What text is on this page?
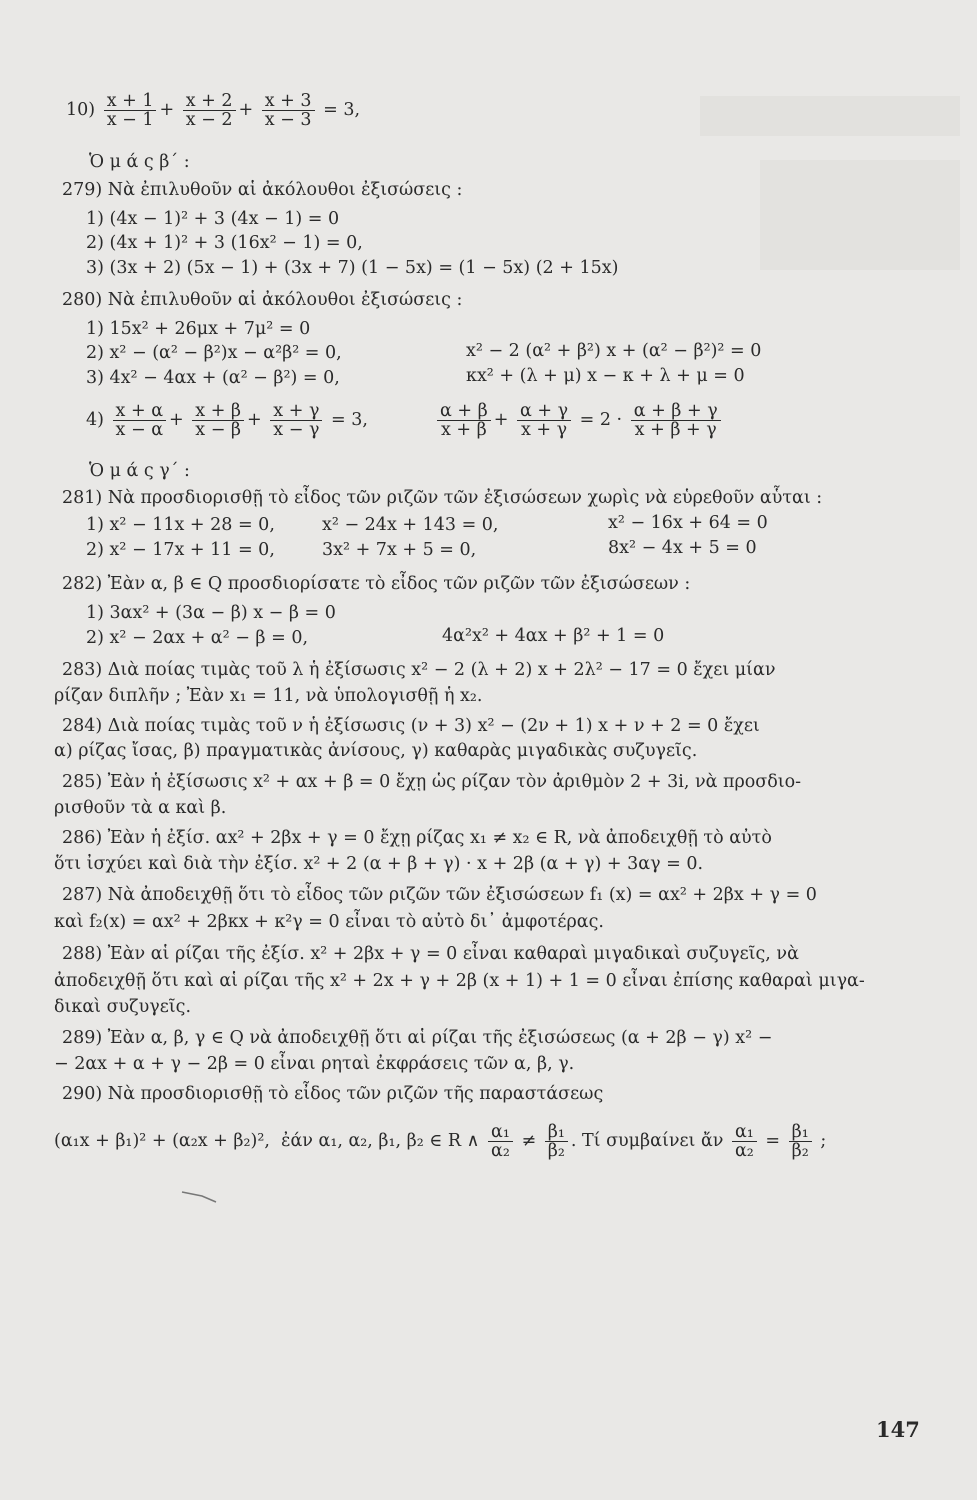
$10) \frac{x + 1}{x - 1} + \frac{x + 2}{x - 2} + \frac{x + 3}{x - 3} = 3$,
Ὁ μ ά ς β΄ :
279) Νὰ ἐπιλυθοῦν αἱ ἀκόλουθοι ἐξισώσεις :
1) (4x − 1)² + 3 (4x − 1) = 0
2) (4x + 1)² + 3 (16x² − 1) = 0,
3) (3x + 2) (5x − 1) + (3x + 7) (1 − 5x) = (1 − 5x) (2 + 15x)
280) Νὰ ἐπιλυθοῦν αἱ ἀκόλουθοι ἐξισώσεις :
1) 15x² + 26μx + 7μ² = 0
2) x² − (α² − β²)x − α²β² = 0,	x² − 2 (α² + β²) x + (α² − β²)² = 0
3) 4x² − 4αx + (α² − β²) = 0,	κx² + (λ + μ) x − κ + λ + μ = 0
$4) \frac{x + \alpha}{x - \alpha} + \frac{x + \beta}{x - \beta} + \frac{x + \gamma}{x - \gamma} = 3$,	$\frac{\alpha + \beta}{x + \beta} + \frac{\alpha + \gamma}{x + \gamma} = 2 \cdot \frac{\alpha + \beta + \gamma}{x + \beta + \gamma}$
Ὁ μ ά ς γ΄ :
281) Νὰ προσδιορισθῇ τὸ εἶδος τῶν ριζῶν τῶν ἐξισώσεων χωρὶς νὰ εὑρεθοῦν αὗται :
1) x² − 11x + 28 = 0,	x² − 24x + 143 = 0,	x² − 16x + 64 = 0
2) x² − 17x + 11 = 0,	3x² + 7x + 5 = 0,	8x² − 4x + 5 = 0
282) Ἐὰν α, β ∈ Q προσδιορίσατε τὸ εἶδος τῶν ριζῶν τῶν ἐξισώσεων :
1) 3αx² + (3α − β) x − β = 0
2) x² − 2αx + α² − β = 0,	4α²x² + 4αx + β² + 1 = 0
283) Διὰ ποίας τιμὰς τοῦ λ ἡ ἐξίσωσις x² − 2 (λ + 2) x + 2λ² − 17 = 0 ἔχει μίαν
ρίζαν διπλῆν ; Ἐὰν x₁ = 11, νὰ ὑπολογισθῇ ἡ x₂.
284) Διὰ ποίας τιμὰς τοῦ ν ἡ ἐξίσωσις (ν + 3) x² − (2ν + 1) x + ν + 2 = 0 ἔχει
α) ρίζας ἴσας, β) πραγματικὰς ἀνίσους, γ) καθαρὰς μιγαδικὰς συζυγεῖς.
285) Ἐὰν ἡ ἐξίσωσις x² + αx + β = 0 ἔχῃ ὡς ρίζαν τὸν ἀριθμὸν 2 + 3i, νὰ προσδιο-
ρισθοῦν τὰ α καὶ β.
286) Ἐὰν ἡ ἐξίσ. αx² + 2βx + γ = 0 ἔχῃ ρίζας x₁ ≠ x₂ ∈ R, νὰ ἀποδειχθῇ τὸ αὐτὸ
ὅτι ἰσχύει καὶ διὰ τὴν ἐξίσ. x² + 2 (α + β + γ) · x + 2β (α + γ) + 3αγ = 0.
287) Νὰ ἀποδειχθῇ ὅτι τὸ εἶδος τῶν ριζῶν τῶν ἐξισώσεων f₁ (x) = αx² + 2βx + γ = 0
καὶ f₂(x) = αx² + 2βκx + κ²γ = 0 εἶναι τὸ αὐτὸ δι᾿ ἀμφοτέρας.
288) Ἐὰν αἱ ρίζαι τῆς ἐξίσ. x² + 2βx + γ = 0 εἶναι καθαραὶ μιγαδικαὶ συζυγεῖς, νὰ
ἀποδειχθῇ ὅτι καὶ αἱ ρίζαι τῆς x² + 2x + γ + 2β (x + 1) + 1 = 0 εἶναι ἐπίσης καθαραὶ μιγα-
δικαὶ συζυγεῖς.
289) Ἐὰν α, β, γ ∈ Q νὰ ἀποδειχθῇ ὅτι αἱ ρίζαι τῆς ἐξισώσεως (α + 2β − γ) x² −
− 2αx + α + γ − 2β = 0 εἶναι ρηταὶ ἐκφράσεις τῶν α, β, γ.
290) Νὰ προσδιορισθῇ τὸ εἶδος τῶν ριζῶν τῆς παραστάσεως
(α₁x + β₁)² + (α₂x + β₂)², ἐάν α₁, α₂, β₁, β₂ ∈ R ∧ $\frac{\text{α₁}}{\text{α₂}} \ne \frac{\text{β₁}}{\text{β₂}}$ . Τί συμβαίνει ἄν $\frac{\text{α₁}}{\text{α₂}} = \frac{\text{β₁}}{\text{β₂}}$ ;
147
